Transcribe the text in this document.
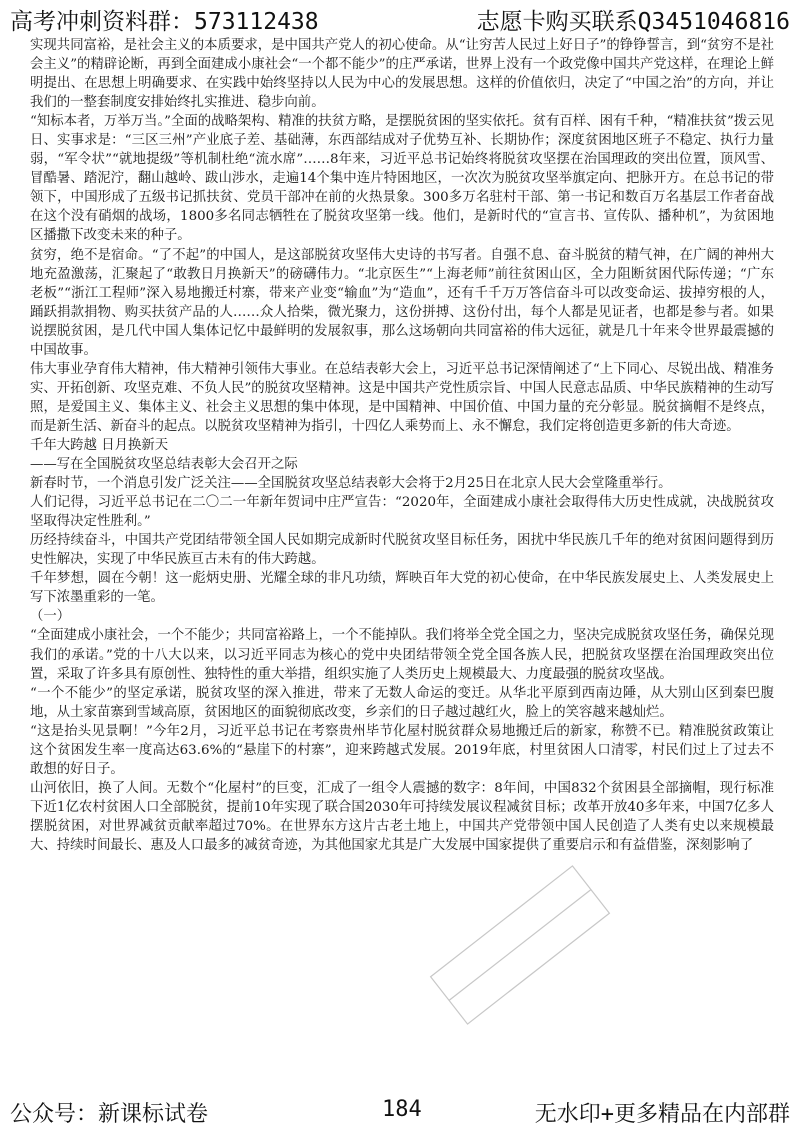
高考冲刺资料群：573112438	志愿卡购买联系Q3451046816

实现共同富裕，是社会主义的本质要求，是中国共产党人的初心使命。从“让穷苦人民过上好日子”的铮铮誓言，到“贫穷不是社会主义”的精辟论断，再到全面建成小康社会“一个都不能少”的庄严承诺，世界上没有一个政党像中国共产党这样，在理论上鲜明提出、在思想上明确要求、在实践中始终坚持以人民为中心的发展思想。这样的价值依归，决定了“中国之治”的方向，并让我们的一整套制度安排始终扎实推进、稳步向前。

“知标本者，万举万当。”全面的战略架构、精准的扶贫方略，是摆脱贫困的坚实依托。贫有百样、困有千种，“精准扶贫”拨云见日、实事求是：“三区三州”产业底子差、基础薄，东西部结成对子优势互补、长期协作；深度贫困地区班子不稳定、执行力量弱，“军令状”“就地提级”等机制杜绝“流水席”……8年来，习近平总书记始终将脱贫攻坚摆在治国理政的突出位置，顶风雪、冒酷暑、踏泥泞，翻山越岭、跋山涉水，走遍14个集中连片特困地区，一次次为脱贫攻坚举旗定向、把脉开方。在总书记的带领下，中国形成了五级书记抓扶贫、党员干部冲在前的火热景象。300多万名驻村干部、第一书记和数百万名基层工作者奋战在这个没有硝烟的战场，1800多名同志牺牲在了脱贫攻坚第一线。他们，是新时代的“宣言书、宣传队、播种机”，为贫困地区播撒下改变未来的种子。

贫穷，绝不是宿命。“了不起”的中国人，是这部脱贫攻坚伟大史诗的书写者。自强不息、奋斗脱贫的精气神，在广阔的神州大地充盈激荡，汇聚起了“敢教日月换新天”的磅礴伟力。“北京医生”“上海老师”前往贫困山区，全力阻断贫困代际传递；“广东老板”“浙江工程师”深入易地搬迁村寨，带来产业变“输血”为“造血”，还有千千万万答信奋斗可以改变命运、拔掉穷根的人，踊跃捐款捐物、购买扶贫产品的人……众人拾柴，微光聚力，这份拼搏、这份付出，每个人都是见证者，也都是参与者。如果说摆脱贫困，是几代中国人集体记忆中最鲜明的发展叙事，那么这场朝向共同富裕的伟大远征，就是几十年来令世界最震撼的中国故事。

伟大事业孕育伟大精神，伟大精神引领伟大事业。在总结表彰大会上，习近平总书记深情阐述了“上下同心、尽锐出战、精准务实、开拓创新、攻坚克难、不负人民”的脱贫攻坚精神。这是中国共产党性质宗旨、中国人民意志品质、中华民族精神的生动写照，是爱国主义、集体主义、社会主义思想的集中体现，是中国精神、中国价值、中国力量的充分彰显。脱贫摘帽不是终点，而是新生活、新奋斗的起点。以脱贫攻坚精神为指引，十四亿人乘势而上、永不懈怠，我们定将创造更多新的伟大奇迹。

千年大跨越 日月换新天

——写在全国脱贫攻坚总结表彰大会召开之际

新春时节，一个消息引发广泛关注——全国脱贫攻坚总结表彰大会将于2月25日在北京人民大会堂隆重举行。

人们记得，习近平总书记在二〇二一年新年贺词中庄严宣告：“2020年，全面建成小康社会取得伟大历史性成就，决战脱贫攻坚取得决定性胜利。”

历经持续奋斗，中国共产党团结带领全国人民如期完成新时代脱贫攻坚目标任务，困扰中华民族几千年的绝对贫困问题得到历史性解决，实现了中华民族亘古未有的伟大跨越。

千年梦想，圆在今朝！这一彪炳史册、光耀全球的非凡功绩，辉映百年大党的初心使命，在中华民族发展史上、人类发展史上写下浓墨重彩的一笔。

（一）

“全面建成小康社会，一个不能少；共同富裕路上，一个不能掉队。我们将举全党全国之力，坚决完成脱贫攻坚任务，确保兑现我们的承诺。”党的十八大以来，以习近平同志为核心的党中央团结带领全党全国各族人民，把脱贫攻坚摆在治国理政突出位置，采取了许多具有原创性、独特性的重大举措，组织实施了人类历史上规模最大、力度最强的脱贫攻坚战。

“一个不能少”的坚定承诺，脱贫攻坚的深入推进，带来了无数人命运的变迁。从华北平原到西南边陲，从大别山区到秦巴腹地，从土家苗寨到雪域高原，贫困地区的面貌彻底改变，乡亲们的日子越过越红火，脸上的笑容越来越灿烂。

“这是抬头见景啊！”今年2月，习近平总书记在考察贵州毕节化屋村脱贫群众易地搬迁后的新家，称赞不已。精准脱贫政策让这个贫困发生率一度高达63.6%的“悬崖下的村寨”，迎来跨越式发展。2019年底，村里贫困人口清零，村民们过上了过去不敢想的好日子。

山河依旧，换了人间。无数个“化屋村”的巨变，汇成了一组令人震撼的数字：8年间，中国832个贫困县全部摘帽，现行标准下近1亿农村贫困人口全部脱贫，提前10年实现了联合国2030年可持续发展议程减贫目标；改革开放40多年来，中国7亿多人摆脱贫困，对世界减贫贡献率超过70%。在世界东方这片古老土地上，中国共产党带领中国人民创造了人类有史以来规模最大、持续时间最长、惠及人口最多的减贫奇迹，为其他国家尤其是广大发展中国家提供了重要启示和有益借鉴，深刻影响了

公众号：新课标试卷	184	无水印+更多精品在内部群
